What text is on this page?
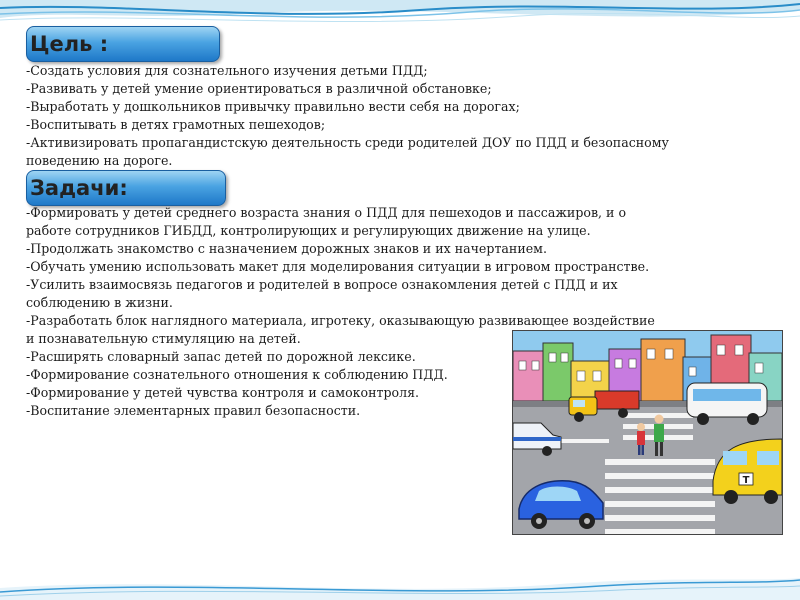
Цель :

-Создать условия для сознательного изучения детьми ПДД;

-Развивать у детей умение ориентироваться в различной обстановке;

-Выработать у дошкольников привычку правильно вести себя на дорогах;

-Воспитывать в детях грамотных пешеходов;

-Активизировать пропагандистскую деятельность среди родителей ДОУ по ПДД и безопасному поведению на дороге.

Задачи:

-Формировать у детей среднего возраста знания о ПДД для пешеходов и пассажиров, и о работе сотрудников ГИБДД, контролирующих и регулирующих движение на улице.

-Продолжать знакомство с назначением дорожных знаков и их начертанием.

-Обучать умению использовать макет для моделирования ситуации в игровом пространстве.

-Усилить взаимосвязь педагогов и родителей в вопросе ознакомления детей с ПДД и их соблюдению в жизни.

-Разработать блок наглядного материала, игротеку, оказывающую развивающее воздействие и познавательную стимуляцию на детей.

-Расширять словарный запас детей по дорожной лексике.

-Формирование сознательного отношения к соблюдению ПДД.

-Формирование у детей чувства контроля и самоконтроля.

-Воспитание элементарных правил безопасности.

T
